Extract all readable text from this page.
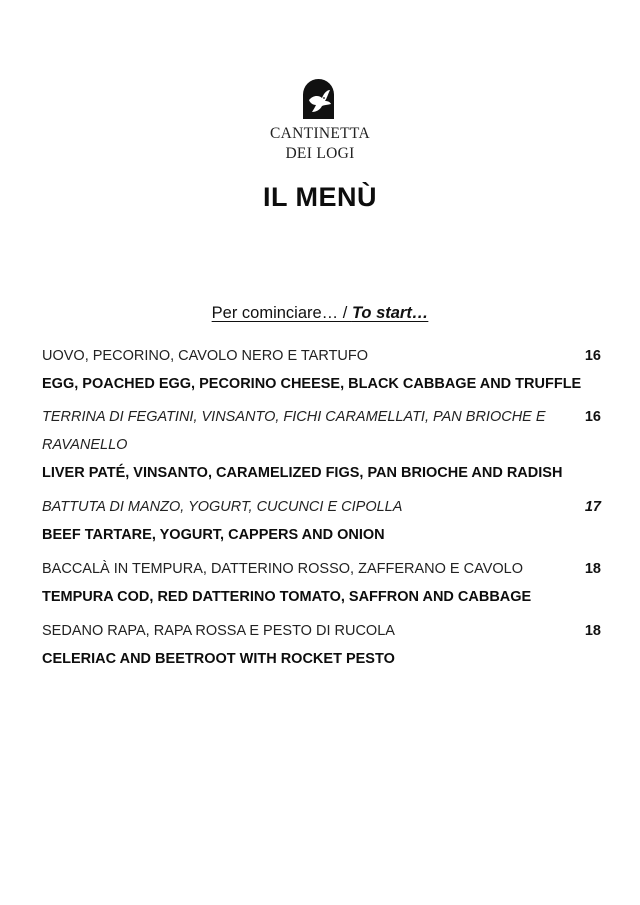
CANTINETTA
DEI LOGI
IL MENÙ
Per cominciare… / To start…
UOVO, PECORINO, CAVOLO NERO E TARTUFO
EGG, POACHED EGG, PECORINO CHEESE, BLACK CABBAGE AND TRUFFLE
16
TERRINA DI FEGATINI, VINSANTO, FICHI CARAMELLATI, PAN BRIOCHE E RAVANELLO
LIVER PATÉ, VINSANTO, CARAMELIZED FIGS, PAN BRIOCHE AND RADISH
16
BATTUTA DI MANZO, YOGURT, CUCUNCI E CIPOLLA
BEEF TARTARE, YOGURT, CAPPERS AND ONION
17
BACCALÀ IN TEMPURA, DATTERINO ROSSO, ZAFFERANO E CAVOLO
TEMPURA COD, RED DATTERINO TOMATO, SAFFRON AND CABBAGE
18
SEDANO RAPA, RAPA ROSSA E PESTO DI RUCOLA
CELERIAC AND BEETROOT WITH ROCKET PESTO
18
